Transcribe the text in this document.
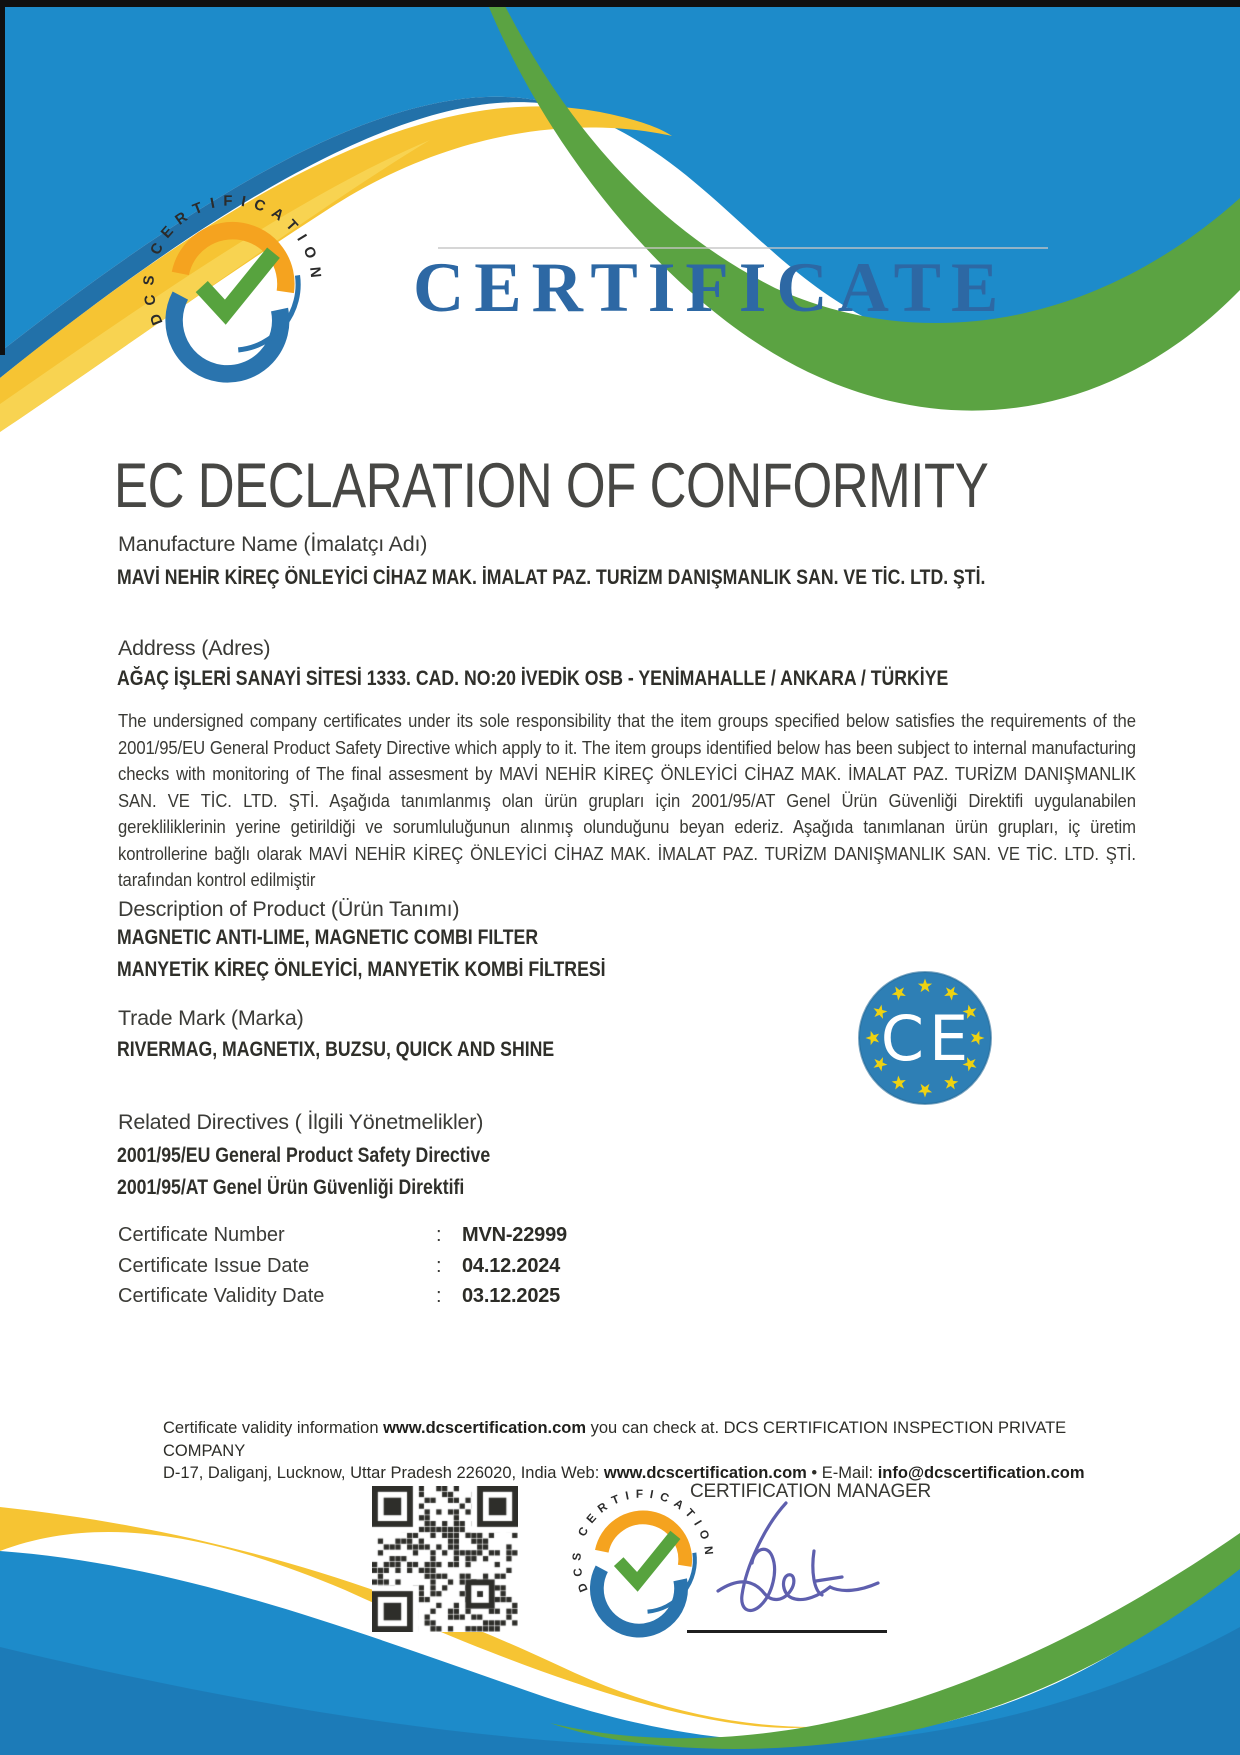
DCS CERTIFICATION CERTIFICATE
EC DECLARATION OF CONFORMITY
Manufacture Name (İmalatçı Adı)
MAVİ NEHİR KİREÇ ÖNLEYİCİ CİHAZ MAK. İMALAT PAZ. TURİZM DANIŞMANLIK SAN. VE TİC. LTD. ŞTİ.
Address (Adres)
AĞAÇ İŞLERİ SANAYİ SİTESİ 1333. CAD. NO:20 İVEDİK OSB - YENİMAHALLE / ANKARA / TÜRKİYE
The undersigned company certificates under its sole responsibility that the item groups specified below satisfies the requirements of the 2001/95/EU General Product Safety Directive which apply to it. The item groups identified below has been subject to internal manufacturing checks with monitoring of The final assesment by MAVİ NEHİR KİREÇ ÖNLEYİCİ CİHAZ MAK. İMALAT PAZ. TURİZM DANIŞMANLIK SAN. VE TİC. LTD. ŞTİ. Aşağıda tanımlanmış olan ürün grupları için 2001/95/AT Genel Ürün Güvenliği Direktifi uygulanabilen gerekliliklerinin yerine getirildiği ve sorumluluğunun alınmış olunduğunu beyan ederiz. Aşağıda tanımlanan ürün grupları, iç üretim kontrollerine bağlı olarak MAVİ NEHİR KİREÇ ÖNLEYİCİ CİHAZ MAK. İMALAT PAZ. TURİZM DANIŞMANLIK SAN. VE TİC. LTD. ŞTİ. tarafından kontrol edilmiştir
Description of Product (Ürün Tanımı)
MAGNETIC ANTI-LIME, MAGNETIC COMBI FILTER
MANYETİK KİREÇ ÖNLEYİCİ, MANYETİK KOMBİ FİLTRESİ
Trade Mark (Marka)
RIVERMAG, MAGNETIX, BUZSU, QUICK AND SHINE	CE
Related Directives ( İlgili Yönetmelikler)
2001/95/EU General Product Safety Directive
2001/95/AT Genel Ürün Güvenliği Direktifi
Certificate Number	:	MVN-22999
Certificate Issue Date	:	04.12.2024
Certificate Validity Date	:	03.12.2025
Certificate validity information www.dcscertification.com you can check at. DCS CERTIFICATION INSPECTION PRIVATE COMPANY
D-17, Daliganj, Lucknow, Uttar Pradesh 226020, India Web: www.dcscertification.com • E-Mail: info@dcscertification.com
DCS CERTIFICATION
CERTIFICATION MANAGER
